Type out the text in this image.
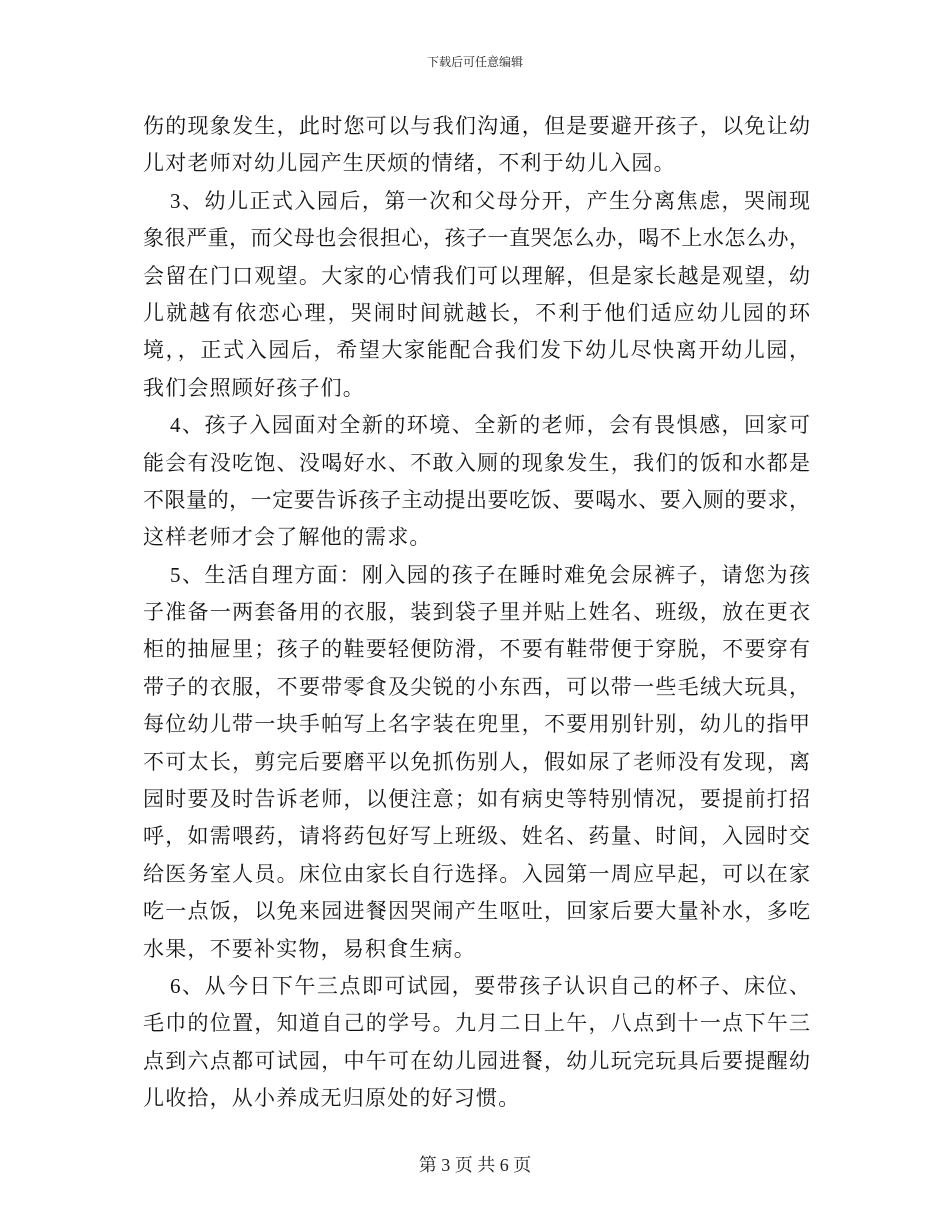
下载后可任意编辑
伤的现象发生，此时您可以与我们沟通，但是要避开孩子，以免让幼
儿对老师对幼儿园产生厌烦的情绪，不利于幼儿入园。
3、幼儿正式入园后，第一次和父母分开，产生分离焦虑，哭闹现
象很严重，而父母也会很担心，孩子一直哭怎么办，喝不上水怎么办，
会留在门口观望。大家的心情我们可以理解，但是家长越是观望，幼
儿就越有依恋心理，哭闹时间就越长，不利于他们适应幼儿园的环
境，，正式入园后，希望大家能配合我们发下幼儿尽快离开幼儿园，
我们会照顾好孩子们。
4、孩子入园面对全新的环境、全新的老师，会有畏惧感，回家可
能会有没吃饱、没喝好水、不敢入厕的现象发生，我们的饭和水都是
不限量的，一定要告诉孩子主动提出要吃饭、要喝水、要入厕的要求，
这样老师才会了解他的需求。
5、生活自理方面：刚入园的孩子在睡时难免会尿裤子，请您为孩
子准备一两套备用的衣服，装到袋子里并贴上姓名、班级，放在更衣
柜的抽屉里；孩子的鞋要轻便防滑，不要有鞋带便于穿脱，不要穿有
带子的衣服，不要带零食及尖锐的小东西，可以带一些毛绒大玩具，
每位幼儿带一块手帕写上名字装在兜里，不要用别针别，幼儿的指甲
不可太长，剪完后要磨平以免抓伤别人，假如尿了老师没有发现，离
园时要及时告诉老师，以便注意；如有病史等特别情况，要提前打招
呼，如需喂药，请将药包好写上班级、姓名、药量、时间，入园时交
给医务室人员。床位由家长自行选择。入园第一周应早起，可以在家
吃一点饭，以免来园进餐因哭闹产生呕吐，回家后要大量补水，多吃
水果，不要补实物，易积食生病。
6、从今日下午三点即可试园，要带孩子认识自己的杯子、床位、
毛巾的位置，知道自己的学号。九月二日上午，八点到十一点下午三
点到六点都可试园，中午可在幼儿园进餐，幼儿玩完玩具后要提醒幼
儿收拾，从小养成无归原处的好习惯。
第 3 页 共 6 页
